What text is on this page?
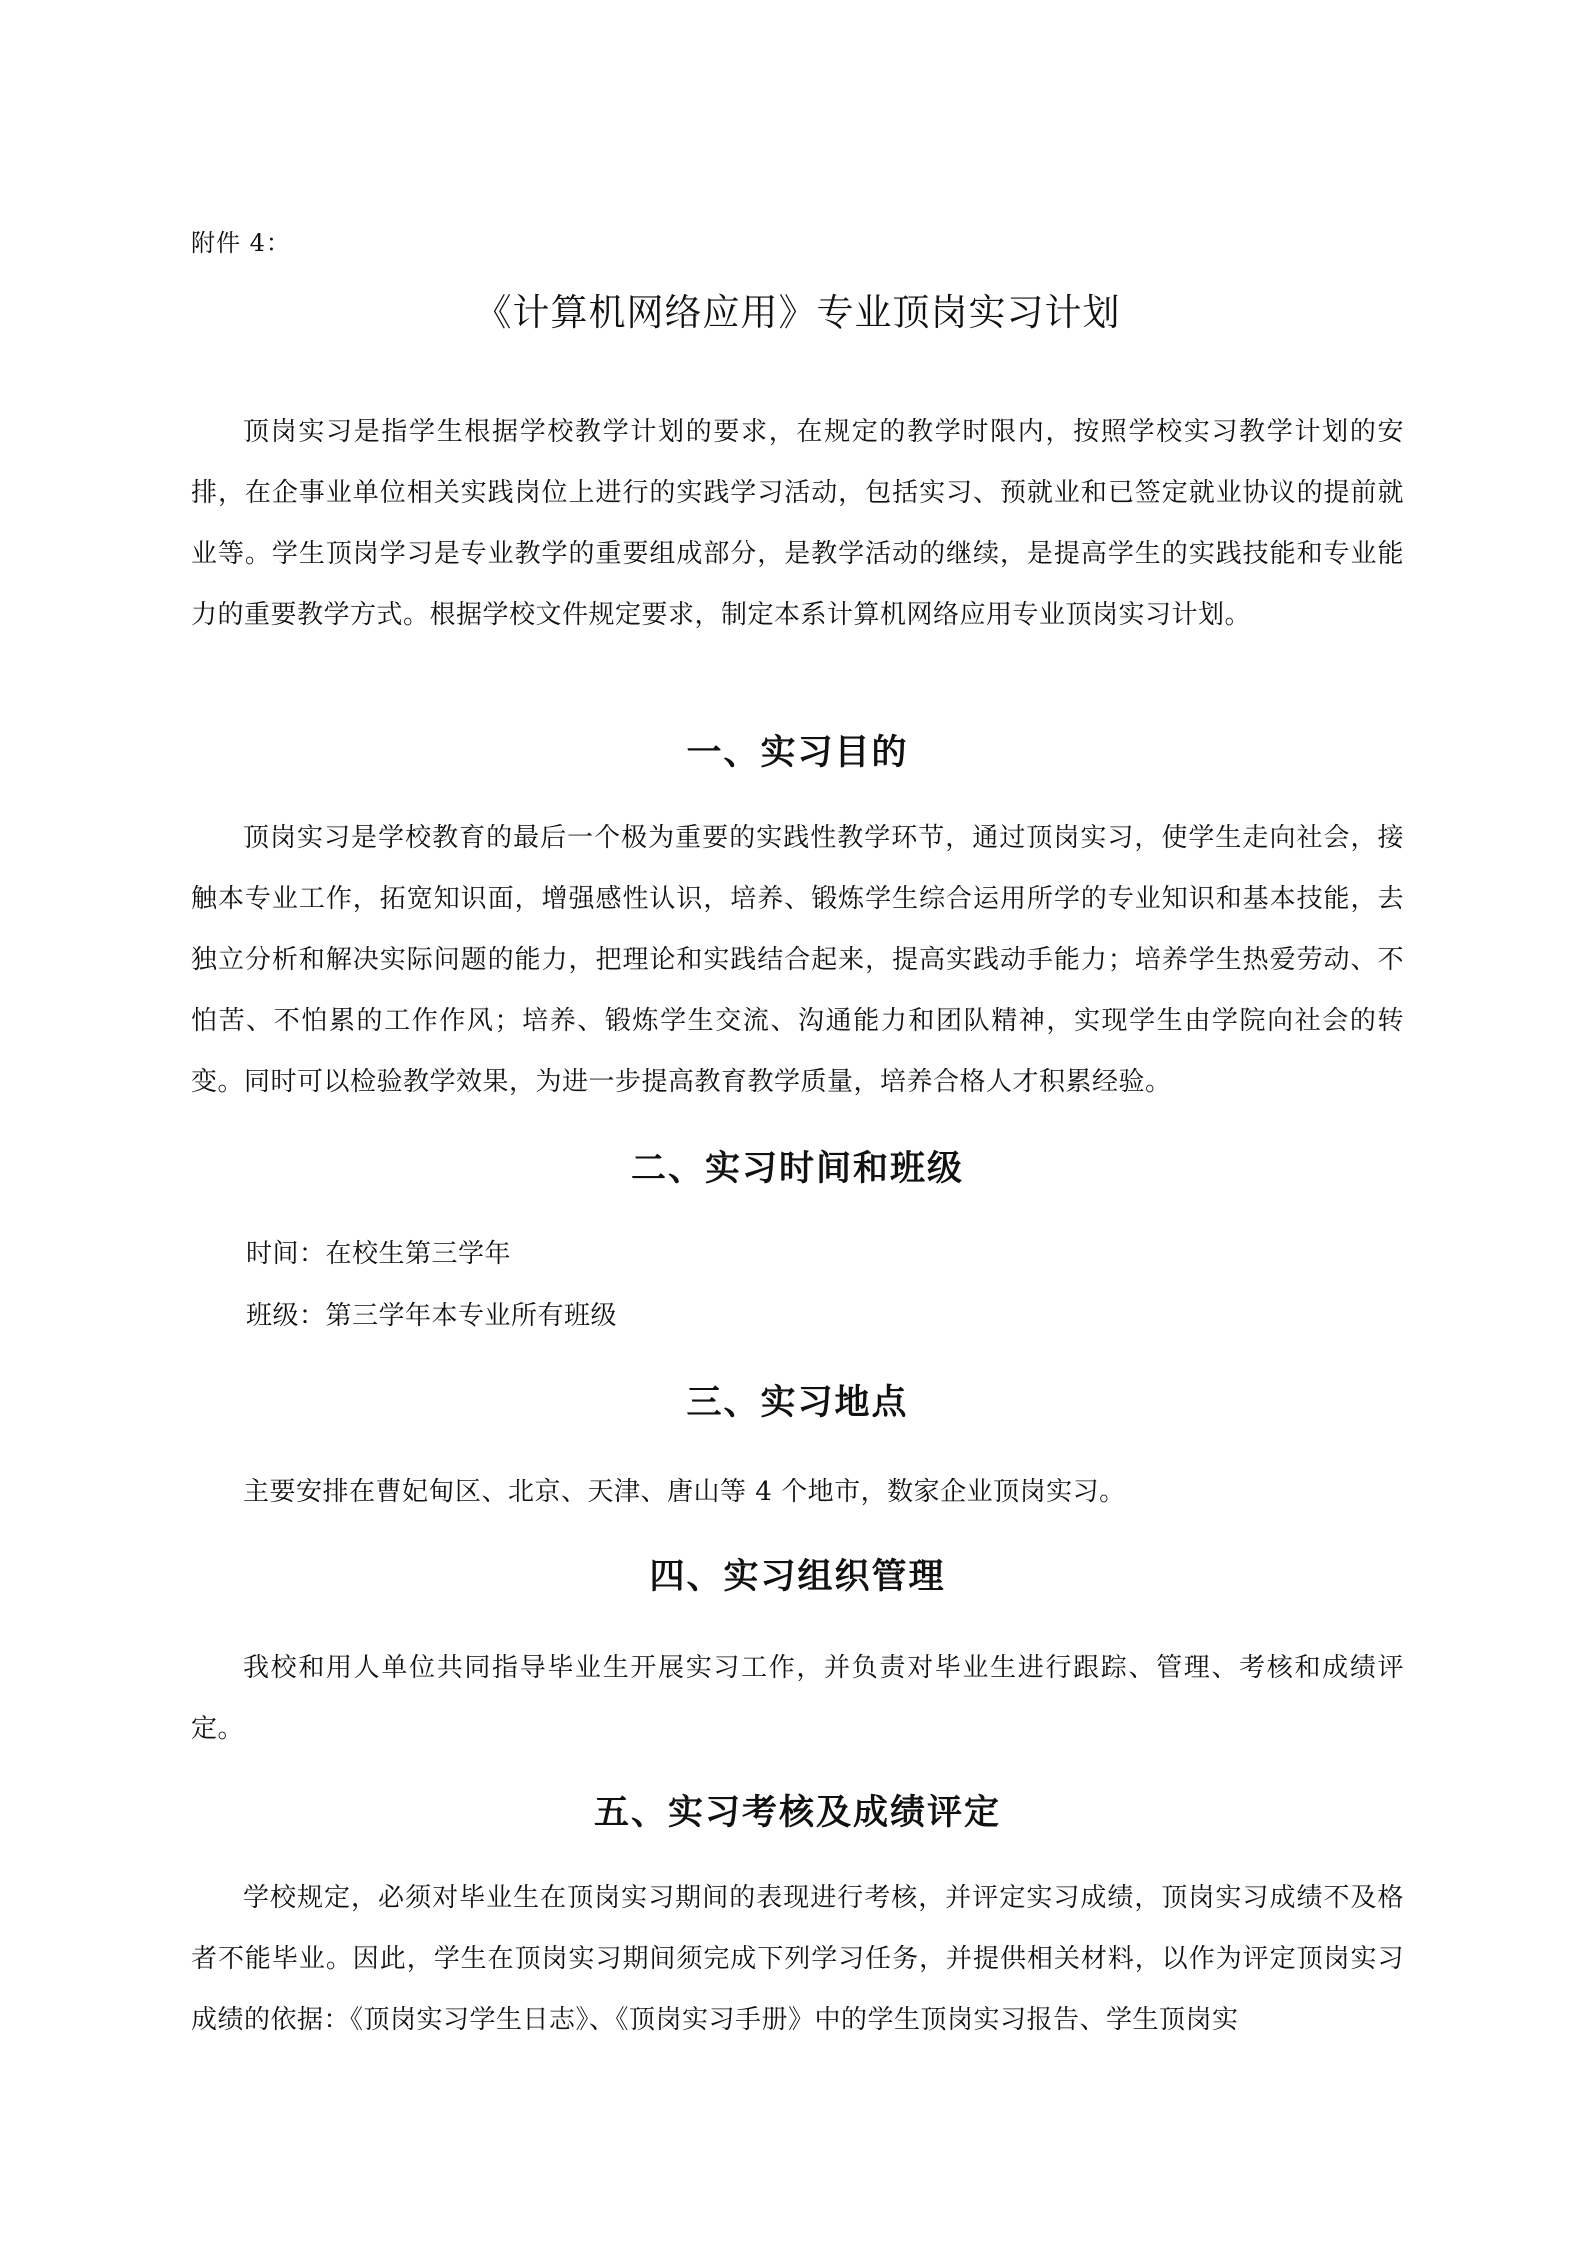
附件 4：
《计算机网络应用》专业顶岗实习计划

顶岗实习是指学生根据学校教学计划的要求，在规定的教学时限内，按照学校实习教学计划的安排，在企事业单位相关实践岗位上进行的实践学习活动，包括实习、预就业和已签定就业协议的提前就业等。学生顶岗学习是专业教学的重要组成部分，是教学活动的继续，是提高学生的实践技能和专业能力的重要教学方式。根据学校文件规定要求，制定本系计算机网络应用专业顶岗实习计划。

一、实习目的

顶岗实习是学校教育的最后一个极为重要的实践性教学环节，通过顶岗实习，使学生走向社会，接触本专业工作，拓宽知识面，增强感性认识，培养、锻炼学生综合运用所学的专业知识和基本技能，去独立分析和解决实际问题的能力，把理论和实践结合起来，提高实践动手能力；培养学生热爱劳动、不怕苦、不怕累的工作作风；培养、锻炼学生交流、沟通能力和团队精神，实现学生由学院向社会的转变。同时可以检验教学效果，为进一步提高教育教学质量，培养合格人才积累经验。

二、实习时间和班级

时间：在校生第三学年

班级：第三学年本专业所有班级

三、实习地点

主要安排在曹妃甸区、北京、天津、唐山等 4 个地市，数家企业顶岗实习。

四、实习组织管理

我校和用人单位共同指导毕业生开展实习工作，并负责对毕业生进行跟踪、管理、考核和成绩评定。

五、实习考核及成绩评定

学校规定，必须对毕业生在顶岗实习期间的表现进行考核，并评定实习成绩，顶岗实习成绩不及格者不能毕业。因此，学生在顶岗实习期间须完成下列学习任务，并提供相关材料，以作为评定顶岗实习成绩的依据：《顶岗实习学生日志》、《顶岗实习手册》中的学生顶岗实习报告、学生顶岗实
